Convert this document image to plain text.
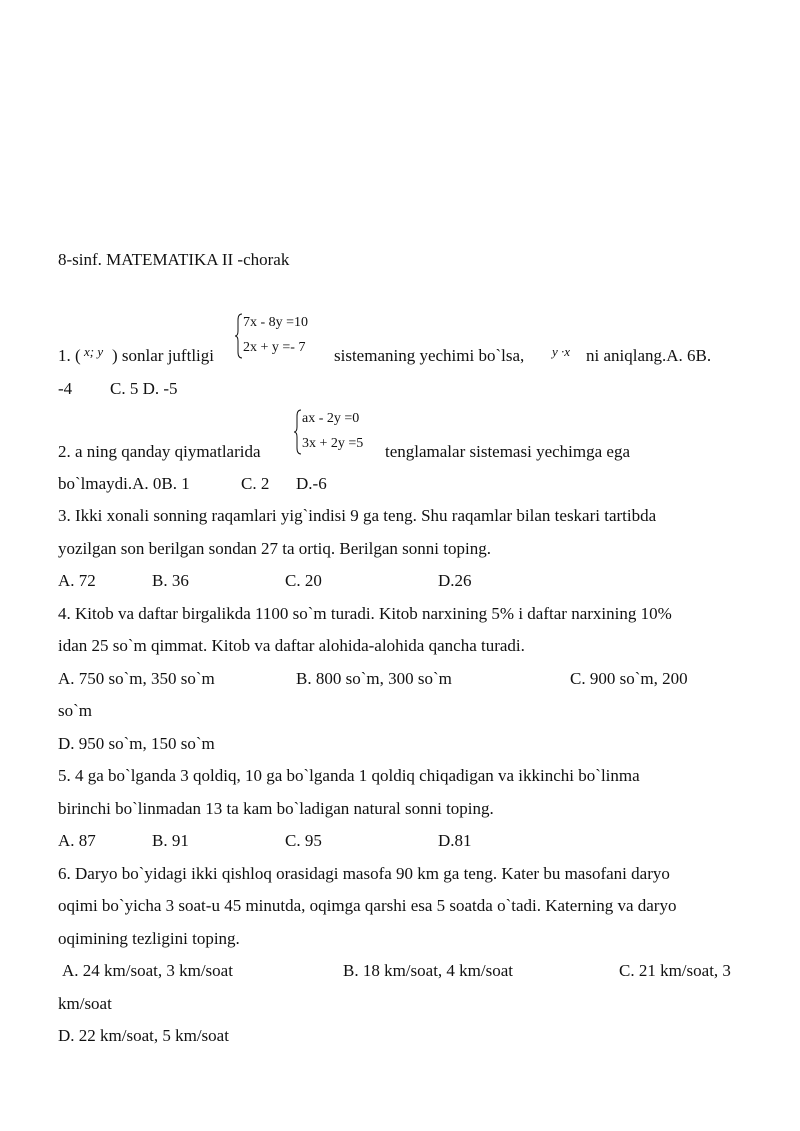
8-sinf. MATEMATIKA II -chorak
1. ( x; y ) sonlar juftligi
7x - 8y =10
2x + y =- 7 sistemaning yechimi bo`lsa, y ·x ni aniqlang.A. 6B.
-4 C. 5 D. -5
2. a ning qanday qiymatlarida
ax - 2y =0
3x + 2y =5 tenglamalar sistemasi yechimga ega
bo`lmaydi.A. 0B. 1	C. 2 D.-6
3. Ikki xonali sonning raqamlari yig`indisi 9 ga teng. Shu raqamlar bilan teskari tartibda
yozilgan son berilgan sondan 27 ta ortiq. Berilgan sonni toping.
A. 72	B. 36	C. 20	D.26
4. Kitob va daftar birgalikda 1100 so`m turadi. Kitob narxining 5% i daftar narxining 10%
idan 25 so`m qimmat. Kitob va daftar alohida-alohida qancha turadi.
A. 750 so`m, 350 so`m	B. 800 so`m, 300 so`m	C. 900 so`m, 200
so`m
D. 950 so`m, 150 so`m
5. 4 ga bo`lganda 3 qoldiq, 10 ga bo`lganda 1 qoldiq chiqadigan va ikkinchi bo`linma
birinchi bo`linmadan 13 ta kam bo`ladigan natural sonni toping.
A. 87	B. 91	C. 95	D.81
6. Daryo bo`yidagi ikki qishloq orasidagi masofa 90 km ga teng. Kater bu masofani daryo
oqimi bo`yicha 3 soat-u 45 minutda, oqimga qarshi esa 5 soatda o`tadi. Katerning va daryo
oqimining tezligini toping.
A. 24 km/soat, 3 km/soat	B. 18 km/soat, 4 km/soat	C. 21 km/soat, 3
km/soat
D. 22 km/soat, 5 km/soat
